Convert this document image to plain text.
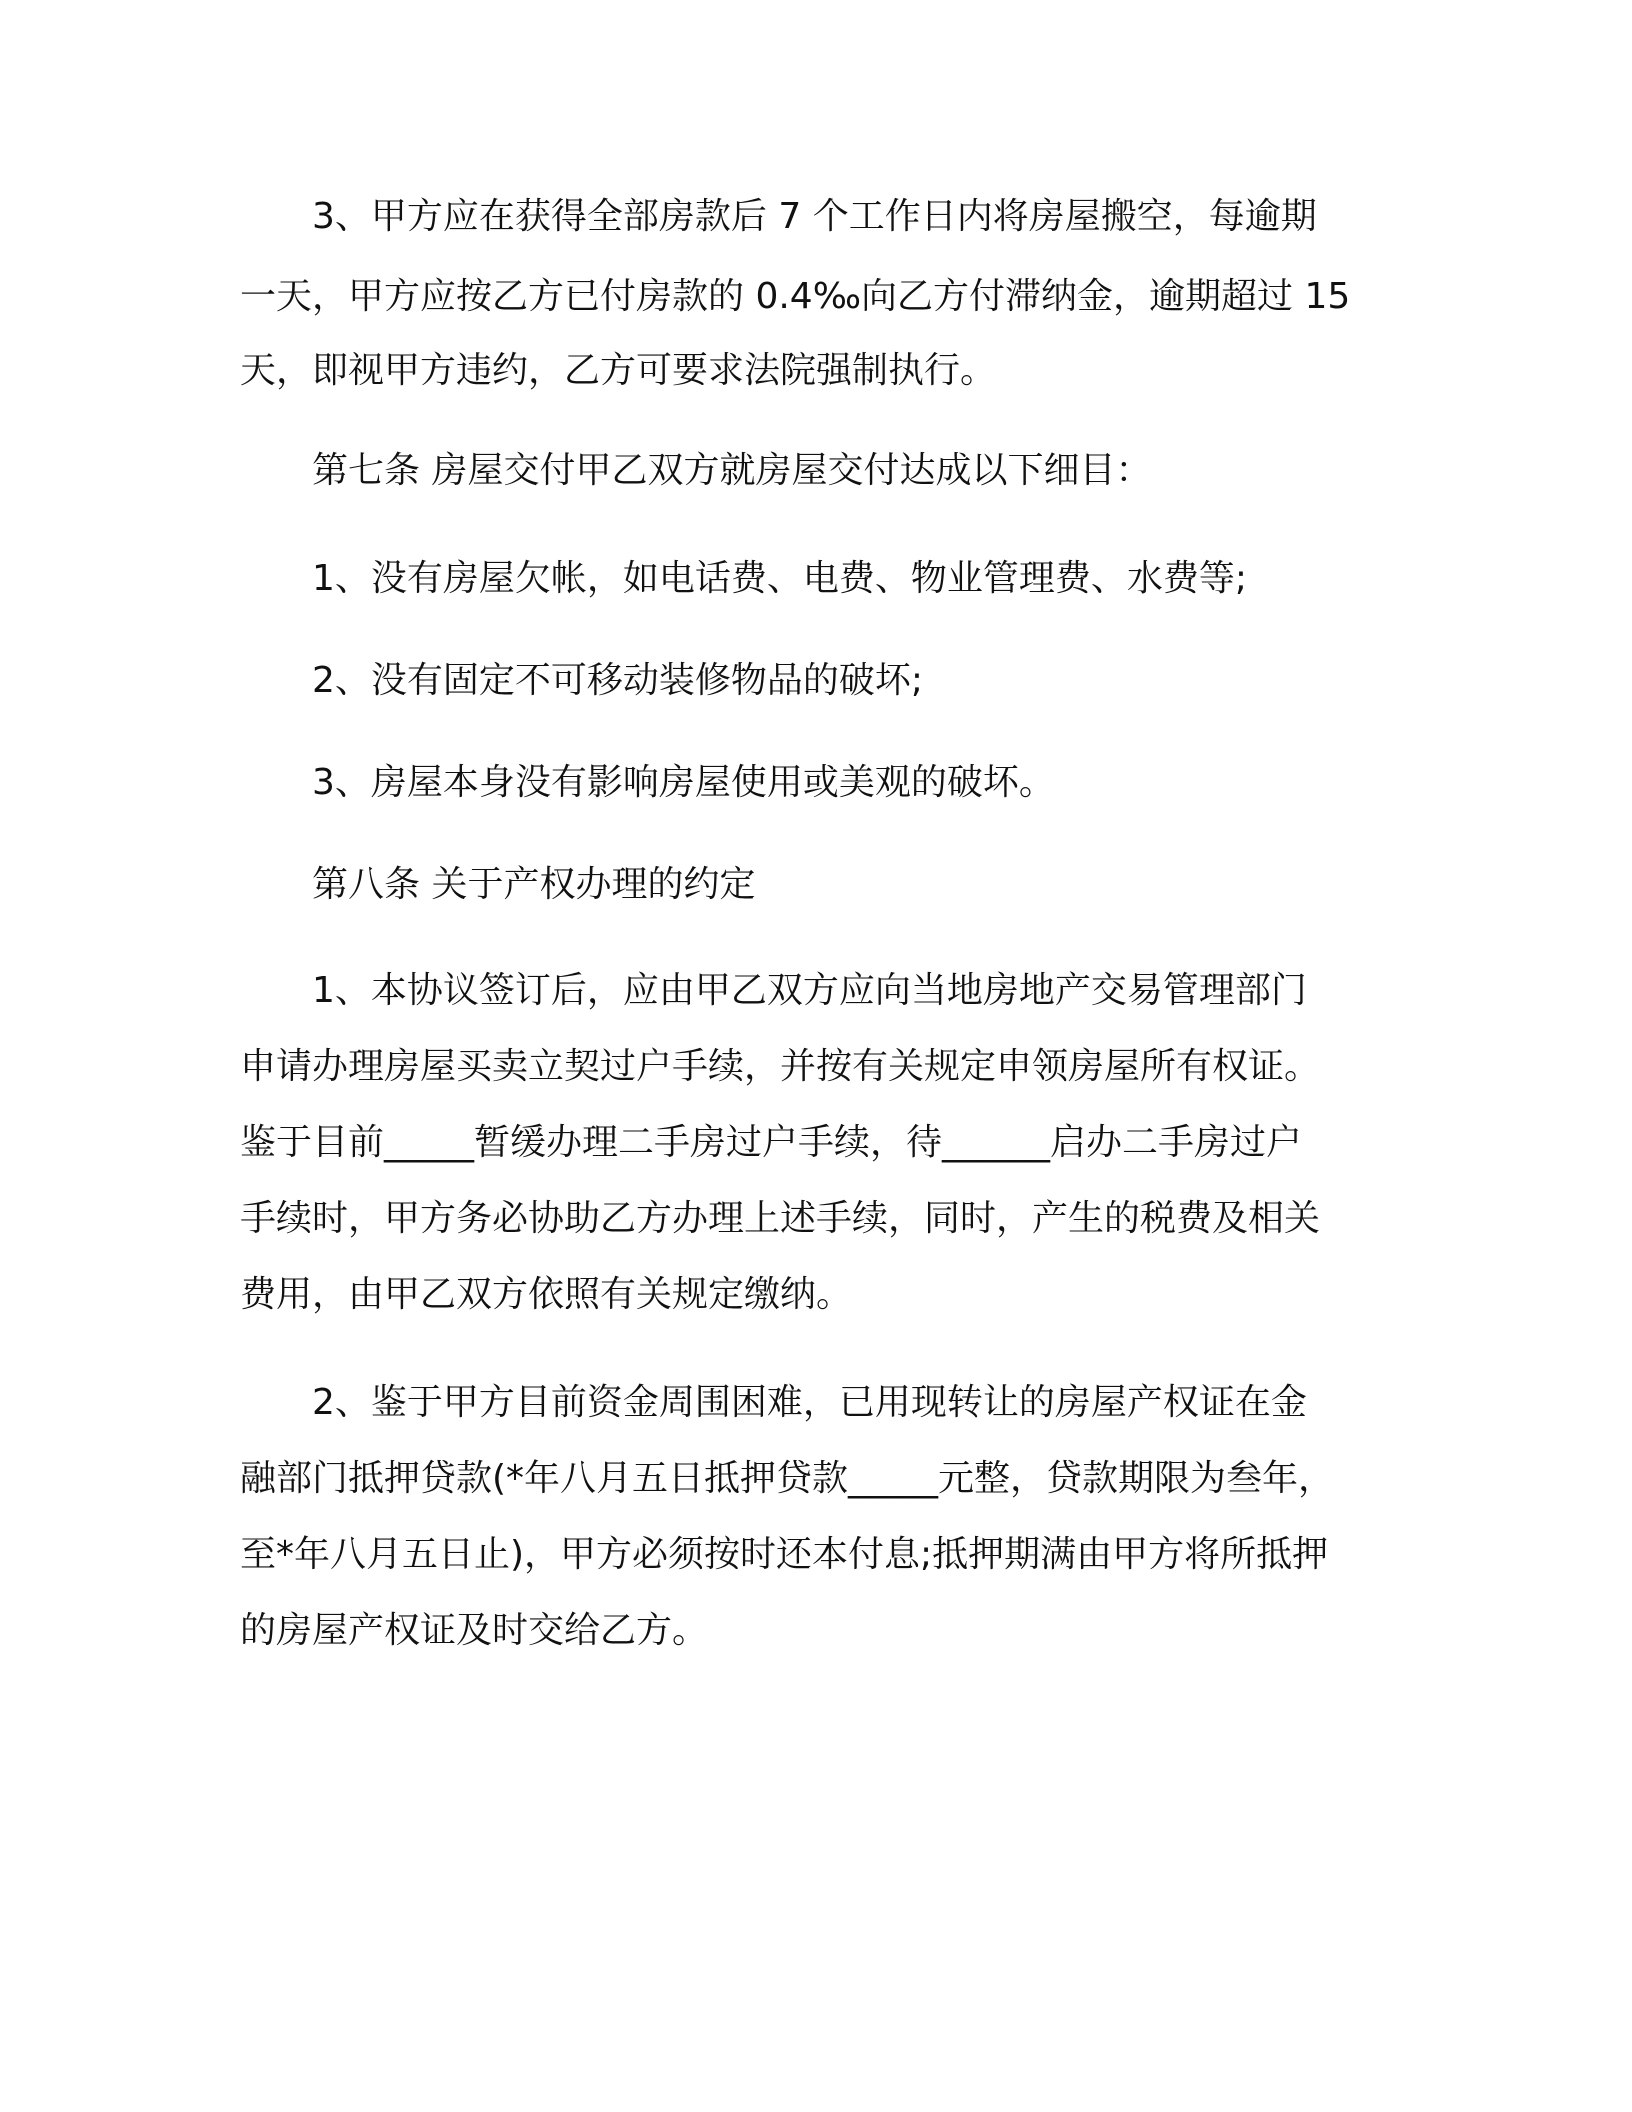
　　3、甲方应在获得全部房款后 7 个工作日内将房屋搬空，每逾期

一天，甲方应按乙方已付房款的 0.4‰向乙方付滞纳金，逾期超过 15

天，即视甲方违约，乙方可要求法院强制执行。

　　第七条 房屋交付甲乙双方就房屋交付达成以下细目：

　　1、没有房屋欠帐，如电话费、电费、物业管理费、水费等;

　　2、没有固定不可移动装修物品的破坏;

　　3、房屋本身没有影响房屋使用或美观的破坏。

　　第八条 关于产权办理的约定

　　1、本协议签订后，应由甲乙双方应向当地房地产交易管理部门

申请办理房屋买卖立契过户手续，并按有关规定申领房屋所有权证。

鉴于目前_____暂缓办理二手房过户手续，待______启办二手房过户

手续时，甲方务必协助乙方办理上述手续，同时，产生的税费及相关

费用，由甲乙双方依照有关规定缴纳。

　　2、鉴于甲方目前资金周围困难，已用现转让的房屋产权证在金

融部门抵押贷款(*年八月五日抵押贷款_____元整，贷款期限为叁年，

至*年八月五日止)，甲方必须按时还本付息;抵押期满由甲方将所抵押

的房屋产权证及时交给乙方。
